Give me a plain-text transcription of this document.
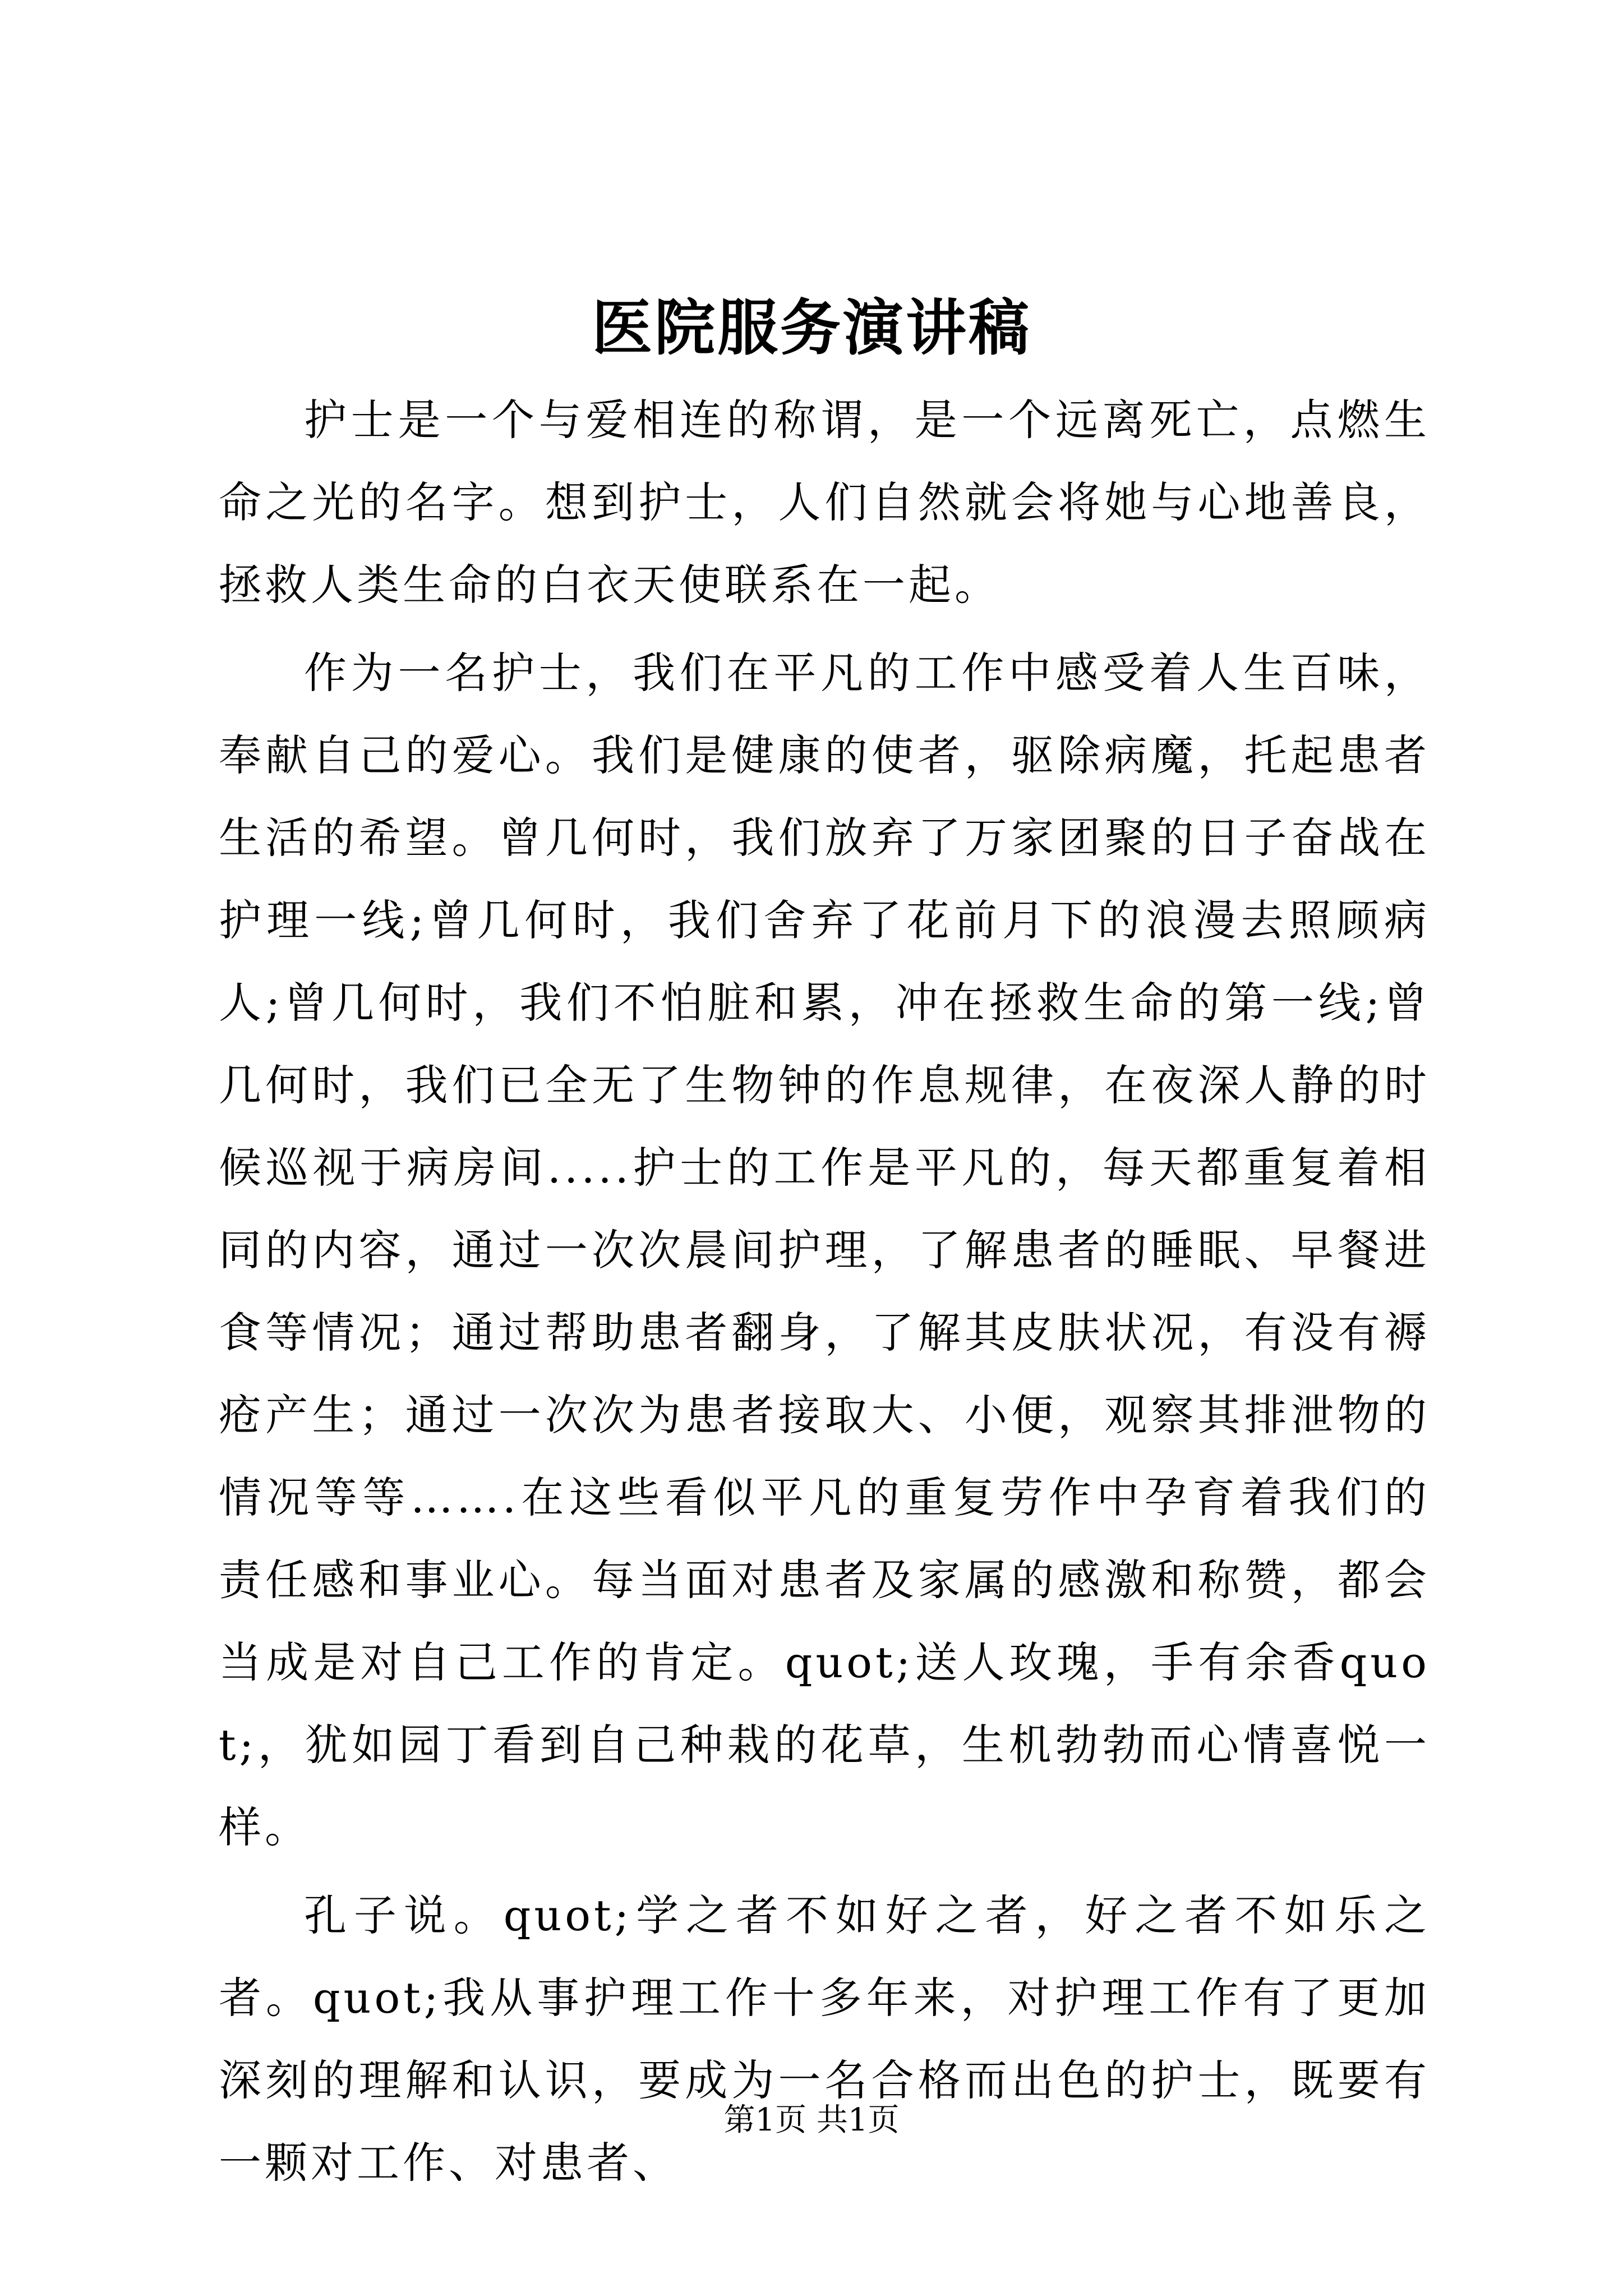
医院服务演讲稿

护士是一个与爱相连的称谓，是一个远离死亡，点燃生命之光的名字。想到护士，人们自然就会将她与心地善良，拯救人类生命的白衣天使联系在一起。

作为一名护士，我们在平凡的工作中感受着人生百味，奉献自己的爱心。我们是健康的使者，驱除病魔，托起患者生活的希望。曾几何时，我们放弃了万家团聚的日子奋战在护理一线;曾几何时，我们舍弃了花前月下的浪漫去照顾病人;曾几何时，我们不怕脏和累，冲在拯救生命的第一线;曾几何时，我们已全无了生物钟的作息规律，在夜深人静的时候巡视于病房间.....护士的工作是平凡的，每天都重复着相同的内容，通过一次次晨间护理，了解患者的睡眠、早餐进食等情况；通过帮助患者翻身，了解其皮肤状况，有没有褥疮产生；通过一次次为患者接取大、小便，观察其排泄物的情况等等…….在这些看似平凡的重复劳作中孕育着我们的责任感和事业心。每当面对患者及家属的感激和称赞，都会当成是对自己工作的肯定。quot;送人玫瑰，手有余香quot;，犹如园丁看到自己种栽的花草，生机勃勃而心情喜悦一样。

孔子说。quot;学之者不如好之者，好之者不如乐之者。quot;我从事护理工作十多年来，对护理工作有了更加深刻的理解和认识，要成为一名合格而出色的护士，既要有一颗对工作、对患者、

第1页 共1页
